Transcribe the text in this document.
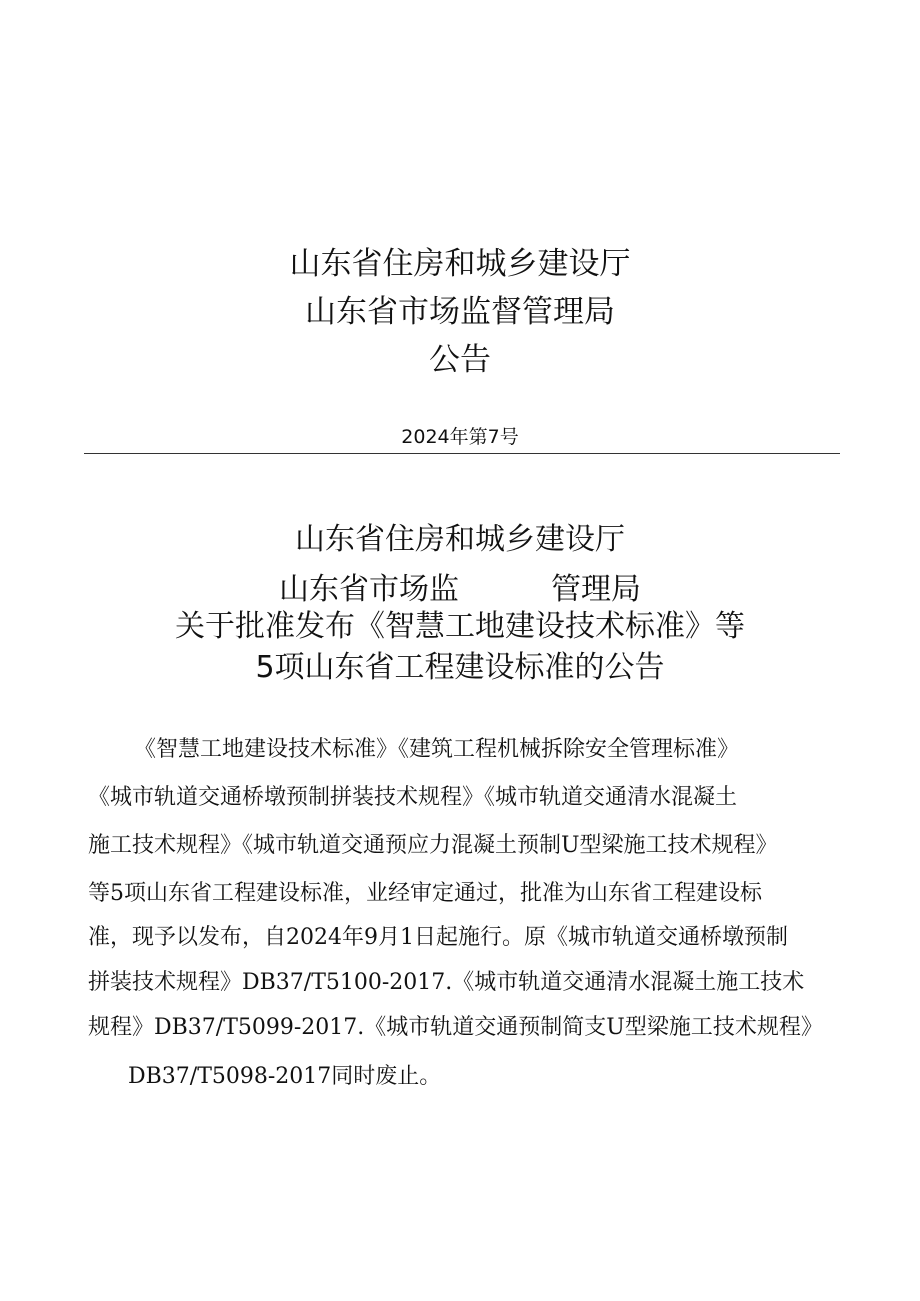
山东省住房和城乡建设厅
山东省市场监督管理局
公告
2024年第7号
山东省住房和城乡建设厅
山东省市场监	管理局
关于批准发布《智慧工地建设技术标准》等
5项山东省工程建设标准的公告
《智慧工地建设技术标准》《建筑工程机械拆除安全管理标准》
《城市轨道交通桥墩预制拼装技术规程》《城市轨道交通清水混凝土
施工技术规程》《城市轨道交通预应力混凝土预制U型梁施工技术规程》
等5项山东省工程建设标准，业经审定通过，批准为山东省工程建设标
准，现予以发布，自2024年9月1日起施行。原《城市轨道交通桥墩预制
拼装技术规程》DB37/T5100-2017.《城市轨道交通清水混凝土施工技术
规程》DB37/T5099-2017.《城市轨道交通预制简支U型梁施工技术规程》
DB37/T5098-2017同时废止。
